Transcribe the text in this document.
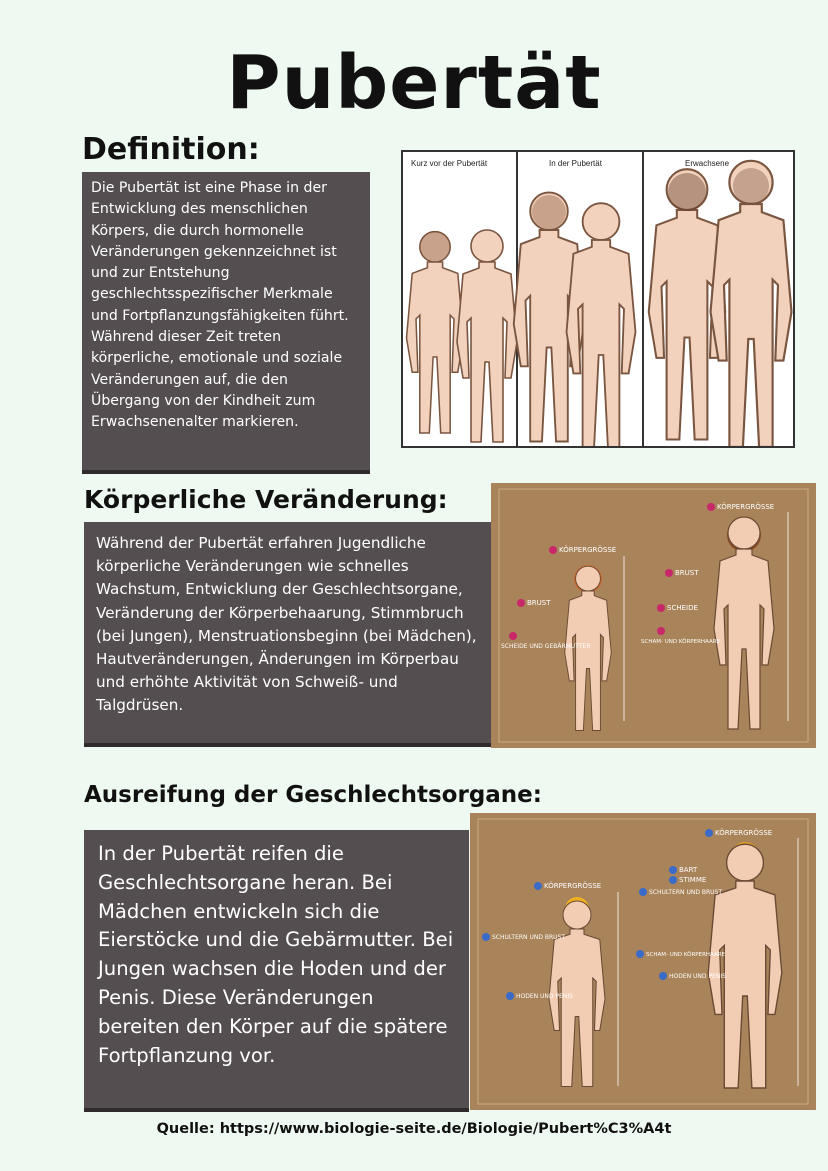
Pubertät
Definition:
Die Pubertät ist eine Phase in der Entwicklung des menschlichen Körpers, die durch hormonelle Veränderungen gekennzeichnet ist und zur Entstehung geschlechtsspezifischer Merkmale und Fortpflanzungsfähigkeiten führt. Während dieser Zeit treten körperliche, emotionale und soziale Veränderungen auf, die den Übergang von der Kindheit zum Erwachsenenalter markieren.
Kurz vor der Pubertät	In der Pubertät	Erwachsene
Körperliche Veränderung:
Während der Pubertät erfahren Jugendliche körperliche Veränderungen wie schnelles Wachstum, Entwicklung der Geschlechtsorgane, Veränderung der Körperbehaarung, Stimmbruch (bei Jungen), Menstruationsbeginn (bei Mädchen), Hautveränderungen, Änderungen im Körperbau und erhöhte Aktivität von Schweiß- und Talgdrüsen.
KÖRPERGRÖSSE
BRUST
SCHEIDE UND GEBÄRMUTTER
KÖRPERGRÖSSE
BRUST
SCHEIDE
SCHAM- UND KÖRPERHAARE
Ausreifung der Geschlechtsorgane:
In der Pubertät reifen die Geschlechtsorgane heran. Bei Mädchen entwickeln sich die Eierstöcke und die Gebärmutter. Bei Jungen wachsen die Hoden und der Penis. Diese Veränderungen bereiten den Körper auf die spätere Fortpflanzung vor.
KÖRPERGRÖSSE
SCHULTERN UND BRUST
HODEN UND PENIS
KÖRPERGRÖSSE
BART
STIMME
SCHULTERN UND BRUST
SCHAM- UND KÖRPERHAARE
HODEN UND PENIS
Quelle: https://www.biologie-seite.de/Biologie/Pubert%C3%A4t
